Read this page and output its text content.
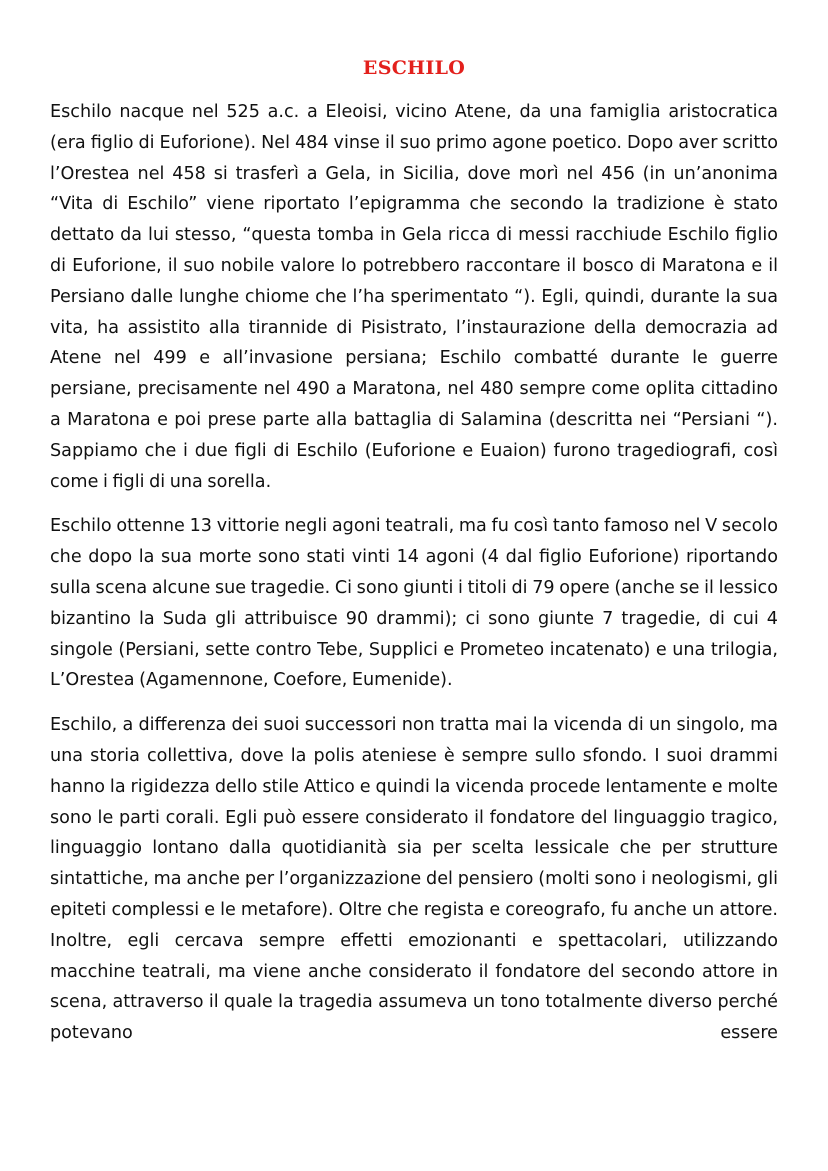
ESCHILO

Eschilo nacque nel 525 a.c. a Eleoisi, vicino Atene, da una famiglia aristocratica (era figlio di Euforione). Nel 484 vinse il suo primo agone poetico. Dopo aver scritto l’Orestea nel 458 si trasferì a Gela, in Sicilia, dove morì nel 456 (in un’anonima “Vita di Eschilo” viene riportato l’epigramma che secondo la tradizione è stato dettato da lui stesso, “questa tomba in Gela ricca di messi racchiude Eschilo figlio di Euforione, il suo nobile valore lo potrebbero raccontare il bosco di Maratona e il Persiano dalle lunghe chiome che l’ha sperimentato “). Egli, quindi, durante la sua vita, ha assistito alla tirannide di Pisistrato, l’instaurazione della democrazia ad Atene nel 499 e all’invasione persiana; Eschilo combatté durante le guerre persiane, precisamente nel 490 a Maratona, nel 480 sempre come oplita cittadino a Maratona e poi prese parte alla battaglia di Salamina (descritta nei “Persiani “). Sappiamo che i due figli di Eschilo (Euforione e Euaion) furono tragediografi, così come i figli di una sorella.

Eschilo ottenne 13 vittorie negli agoni teatrali, ma fu così tanto famoso nel V secolo che dopo la sua morte sono stati vinti 14 agoni (4 dal figlio Euforione) riportando sulla scena alcune sue tragedie. Ci sono giunti i titoli di 79 opere (anche se il lessico bizantino la Suda gli attribuisce 90 drammi); ci sono giunte 7 tragedie, di cui 4 singole (Persiani, sette contro Tebe, Supplici e Prometeo incatenato) e una trilogia, L’Orestea (Agamennone, Coefore, Eumenide).

Eschilo, a differenza dei suoi successori non tratta mai la vicenda di un singolo, ma una storia collettiva, dove la polis ateniese è sempre sullo sfondo. I suoi drammi hanno la rigidezza dello stile Attico e quindi la vicenda procede lentamente e molte sono le parti corali. Egli può essere considerato il fondatore del linguaggio tragico, linguaggio lontano dalla quotidianità sia per scelta lessicale che per strutture sintattiche, ma anche per l’organizzazione del pensiero (molti sono i neologismi, gli epiteti complessi e le metafore). Oltre che regista e coreografo, fu anche un attore. Inoltre, egli cercava sempre effetti emozionanti e spettacolari, utilizzando macchine teatrali, ma viene anche considerato il fondatore del secondo attore in scena, attraverso il quale la tragedia assumeva un tono totalmente diverso perché potevano essere
